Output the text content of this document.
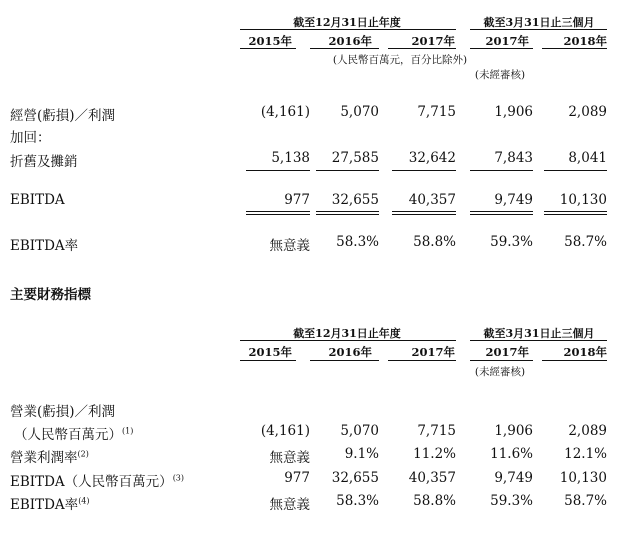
截至12月31日止年度	截至3月31日止三個月
2015年	2016年	2017年	2017年	2018年
(人民幣百萬元，百分比除外)
(未經審核)
經營(虧損)／利潤	(4,161)	5,070	7,715	1,906	2,089
加回：
折舊及攤銷	5,138	27,585	32,642	7,843	8,041
EBITDA	977	32,655	40,357	9,749	10,130
EBITDA率	無意義	58.3%	58.8%	59.3%	58.7%
主要財務指標
截至12月31日止年度	截至3月31日止三個月
2015年	2016年	2017年	2017年	2018年
(未經審核)
營業(虧損)／利潤
（人民幣百萬元）$^{(1)}$	(4,161)	5,070	7,715	1,906	2,089
營業利潤率$^{(2)}$	無意義	9.1%	11.2%	11.6%	12.1%
EBITDA（人民幣百萬元）$^{(3)}$	977	32,655	40,357	9,749	10,130
EBITDA率$^{(4)}$	無意義	58.3%	58.8%	59.3%	58.7%
